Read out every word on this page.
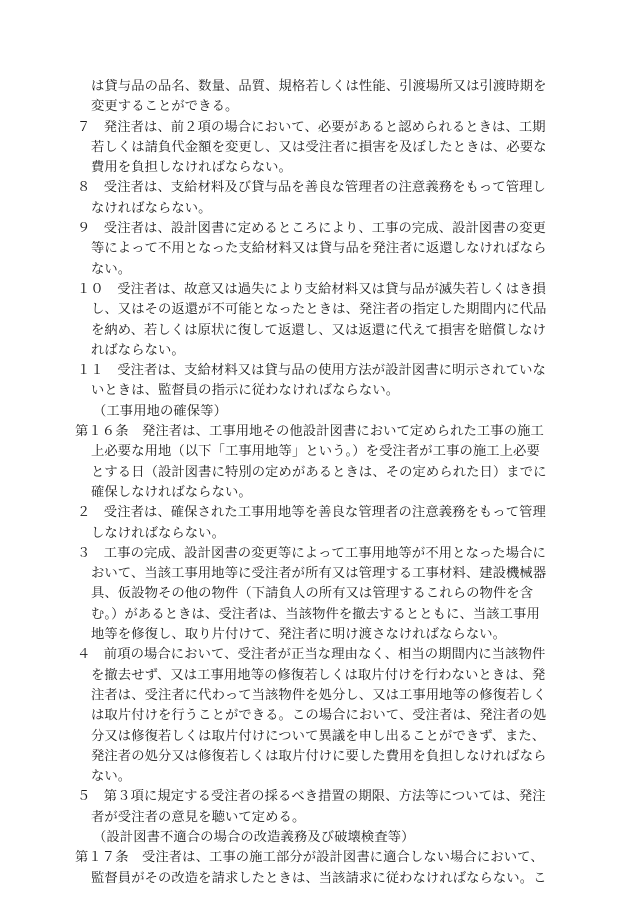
は貸与品の品名、数量、品質、規格若しくは性能、引渡場所又は引渡時期を
変更することができる。
７　発注者は、前２項の場合において、必要があると認められるときは、工期
若しくは請負代金額を変更し、又は受注者に損害を及ぼしたときは、必要な
費用を負担しなければならない。
８　受注者は、支給材料及び貸与品を善良な管理者の注意義務をもって管理し
なければならない。
９　受注者は、設計図書に定めるところにより、工事の完成、設計図書の変更
等によって不用となった支給材料又は貸与品を発注者に返還しなければなら
ない。
１０　受注者は、故意又は過失により支給材料又は貸与品が滅失若しくはき損
し、又はその返還が不可能となったときは、発注者の指定した期間内に代品
を納め、若しくは原状に復して返還し、又は返還に代えて損害を賠償しなけ
ればならない。
１１　受注者は、支給材料又は貸与品の使用方法が設計図書に明示されていな
いときは、監督員の指示に従わなければならない。
（工事用地の確保等）
第１６条　発注者は、工事用地その他設計図書において定められた工事の施工
上必要な用地（以下「工事用地等」という。）を受注者が工事の施工上必要
とする日（設計図書に特別の定めがあるときは、その定められた日）までに
確保しなければならない。
２　受注者は、確保された工事用地等を善良な管理者の注意義務をもって管理
しなければならない。
３　工事の完成、設計図書の変更等によって工事用地等が不用となった場合に
おいて、当該工事用地等に受注者が所有又は管理する工事材料、建設機械器
具、仮設物その他の物件（下請負人の所有又は管理するこれらの物件を含
む。）があるときは、受注者は、当該物件を撤去するとともに、当該工事用
地等を修復し、取り片付けて、発注者に明け渡さなければならない。
４　前項の場合において、受注者が正当な理由なく、相当の期間内に当該物件
を撤去せず、又は工事用地等の修復若しくは取片付けを行わないときは、発
注者は、受注者に代わって当該物件を処分し、又は工事用地等の修復若しく
は取片付けを行うことができる。この場合において、受注者は、発注者の処
分又は修復若しくは取片付けについて異議を申し出ることができず、また、
発注者の処分又は修復若しくは取片付けに要した費用を負担しなければなら
ない。
５　第３項に規定する受注者の採るべき措置の期限、方法等については、発注
者が受注者の意見を聴いて定める。
（設計図書不適合の場合の改造義務及び破壊検査等）
第１７条　受注者は、工事の施工部分が設計図書に適合しない場合において、
監督員がその改造を請求したときは、当該請求に従わなければならない。こ
